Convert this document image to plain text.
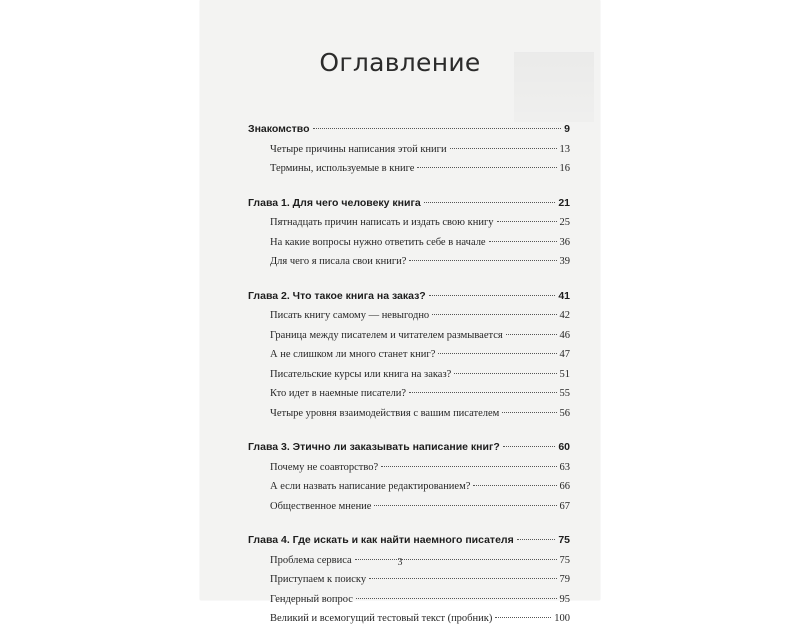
Оглавление
Знакомство	9
Четыре причины написания этой книги	13
Термины, используемые в книге	16
Глава 1. Для чего человеку книга	21
Пятнадцать причин написать и издать свою книгу	25
На какие вопросы нужно ответить себе в начале	36
Для чего я писала свои книги?	39
Глава 2. Что такое книга на заказ?	41
Писать книгу самому — невыгодно	42
Граница между писателем и читателем размывается	46
А не слишком ли много станет книг?	47
Писательские курсы или книга на заказ?	51
Кто идет в наемные писатели?	55
Четыре уровня взаимодействия с вашим писателем	56
Глава 3. Этично ли заказывать написание книг?	60
Почему не соавторство?	63
А если назвать написание редактированием?	66
Общественное мнение	67
Глава 4. Где искать и как найти наемного писателя	75
Проблема сервиса	75
Приступаем к поиску	79
Гендерный вопрос	95
Великий и всемогущий тестовый текст (пробник)	100
3
